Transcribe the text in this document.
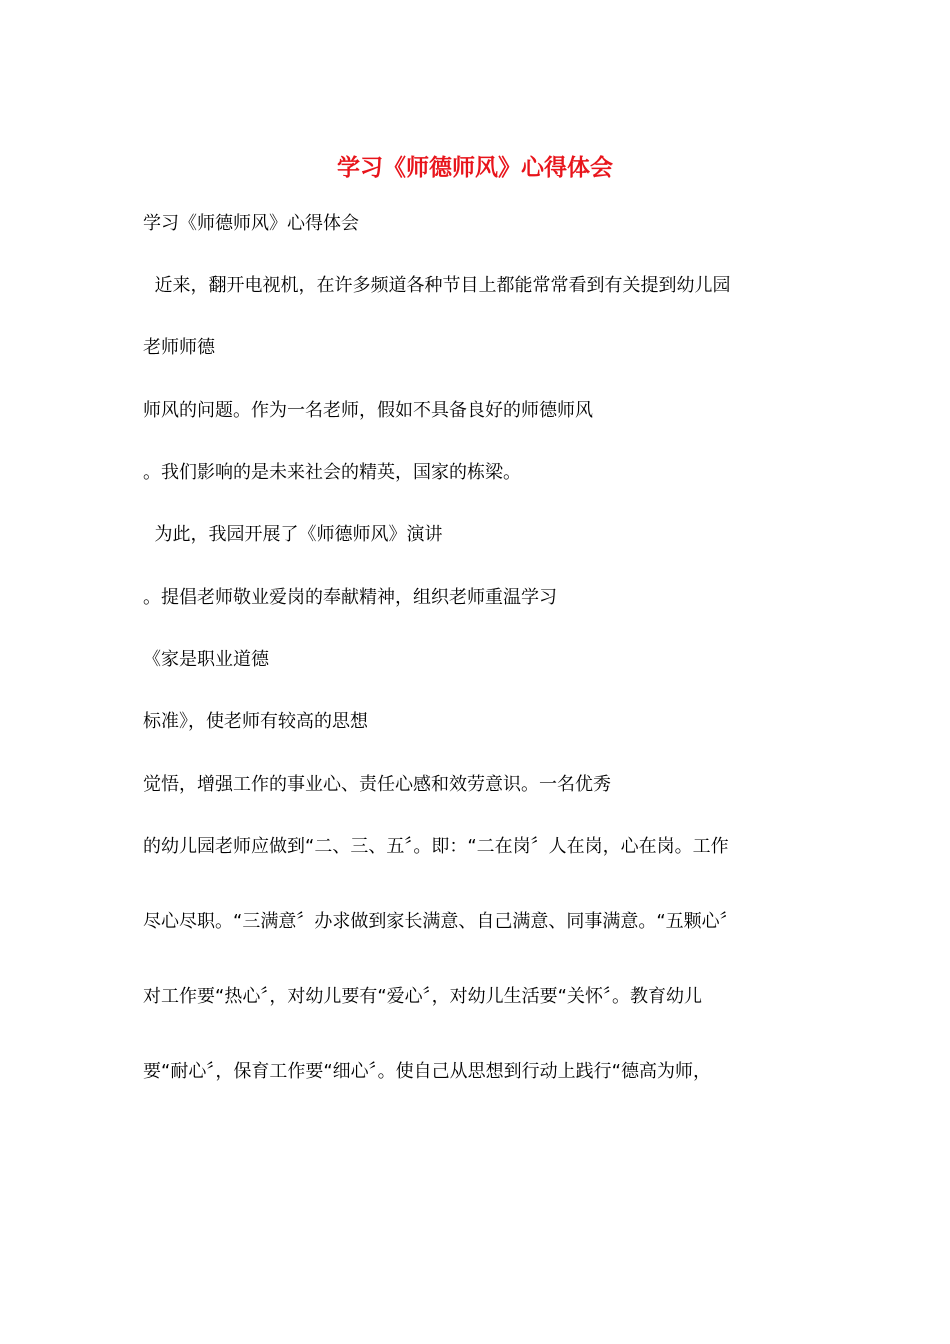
学习《师德师风》心得体会
学习《师德师风》心得体会
近来，翻开电视机，在许多频道各种节目上都能常常看到有关提到幼儿园
老师师德
师风的问题。作为一名老师，假如不具备良好的师德师风
。我们影响的是未来社会的精英，国家的栋梁。
为此，我园开展了《师德师风》演讲
。提倡老师敬业爱岗的奉献精神，组织老师重温学习
《家是职业道德
标准》，使老师有较高的思想
觉悟，增强工作的事业心、责任心感和效劳意识。一名优秀
的幼儿园老师应做到“二、三、五〞。即：“二在岗〞人在岗，心在岗。工作
尽心尽职。“三满意〞办求做到家长满意、自己满意、同事满意。“五颗心〞
对工作要“热心〞，对幼儿要有“爱心〞，对幼儿生活要“关怀〞。教育幼儿
要“耐心〞，保育工作要“细心〞。使自己从思想到行动上践行“德高为师，
